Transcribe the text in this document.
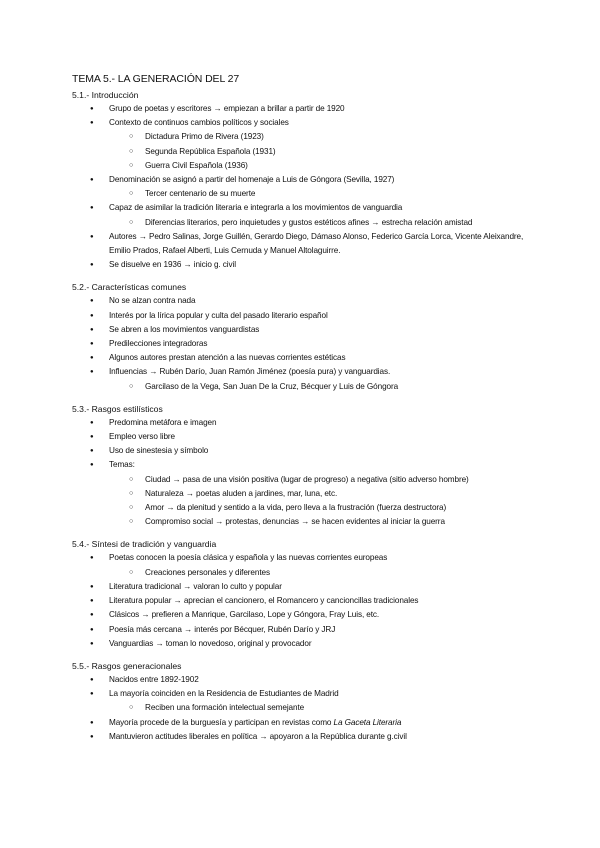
TEMA 5.- LA GENERACIÓN DEL 27

5.1.- Introducción

● Grupo de poetas y escritores → empiezan a brillar a partir de 1920
● Contexto de continuos cambios políticos y sociales
○ Dictadura Primo de Rivera (1923)
○ Segunda República Española (1931)
○ Guerra Civil Española (1936)
● Denominación se asignó a partir del homenaje a Luis de Góngora (Sevilla, 1927)
○ Tercer centenario de su muerte
● Capaz de asimilar la tradición literaria e integrarla a los movimientos de vanguardia
○ Diferencias literarios, pero inquietudes y gustos estéticos afines → estrecha relación amistad
● Autores → Pedro Salinas, Jorge Guillén, Gerardo Diego, Dámaso Alonso, Federico García Lorca, Vicente Aleixandre, Emilio Prados, Rafael Alberti, Luis Cernuda y Manuel Altolaguirre.
● Se disuelve en 1936 → inicio g. civil

5.2.- Características comunes

● No se alzan contra nada
● Interés por la lírica popular y culta del pasado literario español
● Se abren a los movimientos vanguardistas
● Predilecciones integradoras
● Algunos autores prestan atención a las nuevas corrientes estéticas
● Influencias → Rubén Darío, Juan Ramón Jiménez (poesía pura) y vanguardias.
○ Garcilaso de la Vega, San Juan De la Cruz, Bécquer y Luis de Góngora

5.3.- Rasgos estilísticos

● Predomina metáfora e imagen
● Empleo verso libre
● Uso de sinestesia y símbolo
● Temas:
○ Ciudad → pasa de una visión positiva (lugar de progreso) a negativa (sitio adverso hombre)
○ Naturaleza → poetas aluden a jardines, mar, luna, etc.
○ Amor → da plenitud y sentido a la vida, pero lleva a la frustración (fuerza destructora)
○ Compromiso social → protestas, denuncias → se hacen evidentes al iniciar la guerra

5.4.- Síntesi de tradición y vanguardia

● Poetas conocen la poesía clásica y española y las nuevas corrientes europeas
○ Creaciones personales y diferentes
● Literatura tradicional → valoran lo culto y popular
● Literatura popular → aprecian el cancionero, el Romancero y cancioncillas tradicionales
● Clásicos → prefieren a Manrique, Garcilaso, Lope y Góngora, Fray Luis, etc.
● Poesía más cercana → interés por Bécquer, Rubén Darío y JRJ
● Vanguardias → toman lo novedoso, original y provocador

5.5.- Rasgos generacionales

● Nacidos entre 1892-1902
● La mayoría coinciden en la Residencia de Estudiantes de Madrid
○ Reciben una formación intelectual semejante
● Mayoría procede de la burguesía y participan en revistas como La Gaceta Literaria
● Mantuvieron actitudes liberales en política → apoyaron a la República durante g.civil
